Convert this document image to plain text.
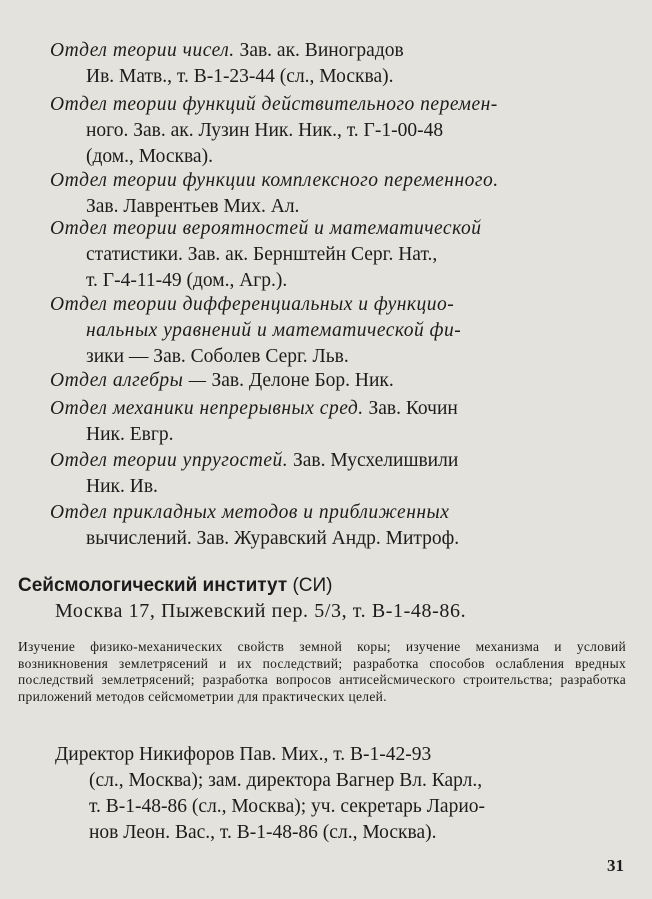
Отдел теории чисел. Зав. ак. Виноградов
Ив. Матв., т. В-1-23-44 (сл., Москва).
Отдел теории функций действительного перемен-
ного. Зав. ак. Лузин Ник. Ник., т. Г-1-00-48
(дом., Москва).
Отдел теории функции комплексного переменного.
Зав. Лаврентьев Мих. Ал.
Отдел теории вероятностей и математической
статистики. Зав. ак. Бернштейн Серг. Нат.,
т. Г-4-11-49 (дом., Агр.).
Отдел теории дифференциальных и функцио-
нальных уравнений и математической фи-
зики — Зав. Соболев Серг. Льв.
Отдел алгебры — Зав. Делоне Бор. Ник.
Отдел механики непрерывных сред. Зав. Кочин
Ник. Евгр.
Отдел теории упругостей. Зав. Мусхелишвили
Ник. Ив.
Отдел прикладных методов и приближенных
вычислений. Зав. Журавский Андр. Митроф.
Сейсмологический институт (СИ)
Москва 17, Пыжевский пер. 5/3, т. В-1-48-86.
Изучение физико-механических свойств земной коры; изучение механизма и условий возникновения землетрясений и их последствий; разработка способов ослабления вредных последствий землетрясений; разработка вопросов антисейсмического строительства; разработка приложений методов сейсмометрии для практических целей.
Директор Никифоров Пав. Мих., т. В-1-42-93
(сл., Москва); зам. директора Вагнер Вл. Карл.,
т. В-1-48-86 (сл., Москва); уч. секретарь Ларио-
нов Леон. Вас., т. В-1-48-86 (сл., Москва).
31
